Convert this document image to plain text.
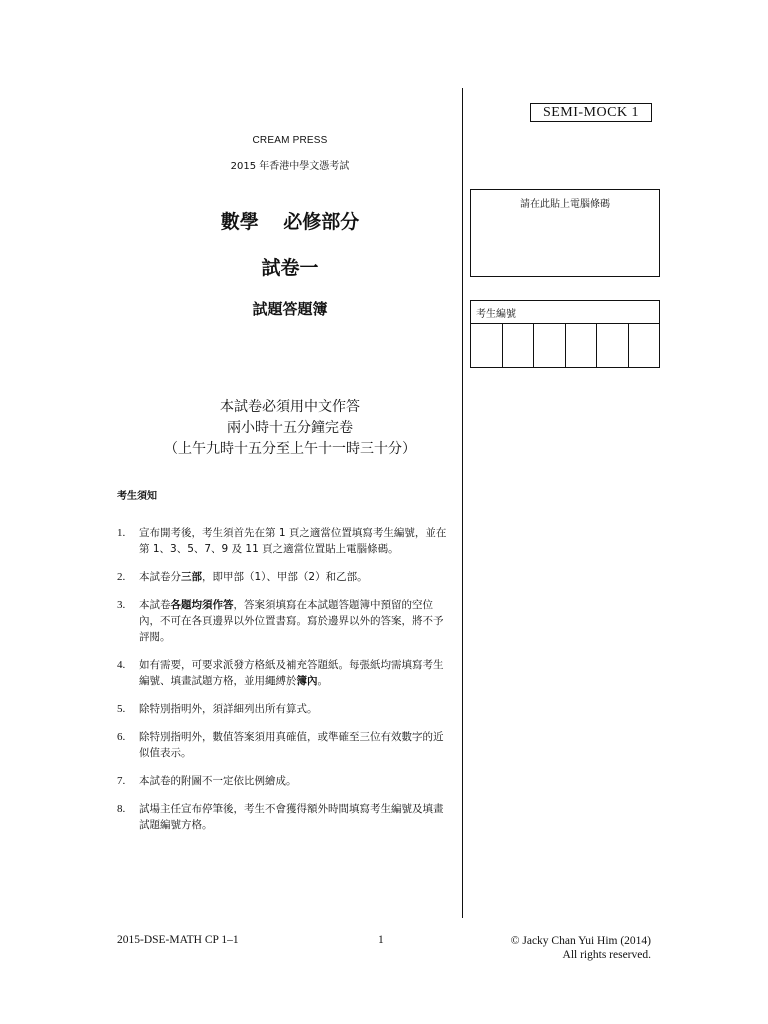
CREAM PRESS
2015 年香港中學文憑考試
數學 必修部分
試卷一
試題答題簿
本試卷必須用中文作答
兩小時十五分鐘完卷
（上午九時十五分至上午十一時三十分）
考生須知
1.	宣布開考後，考生須首先在第 1 頁之適當位置填寫考生編號，並在第 1、3、5、7、9 及 11 頁之適當位置貼上電腦條碼。
2.	本試卷分三部，即甲部（1）、甲部（2）和乙部。
3.	本試卷各題均須作答，答案須填寫在本試題答題簿中預留的空位內，不可在各頁邊界以外位置書寫。寫於邊界以外的答案，將不予評閱。
4.	如有需要，可要求派發方格紙及補充答題紙。每張紙均需填寫考生編號、填畫試題方格，並用繩縛於簿內。
5.	除特別指明外，須詳細列出所有算式。
6.	除特別指明外，數值答案須用真確值，或準確至三位有效數字的近似值表示。
7.	本試卷的附圖不一定依比例繪成。
8.	試場主任宣布停筆後，考生不會獲得額外時間填寫考生編號及填畫試題編號方格。
SEMI-MOCK 1
請在此貼上電腦條碼
考生編號
2015-DSE-MATH CP 1–1	1	© Jacky Chan Yui Him (2014)
All rights reserved.
